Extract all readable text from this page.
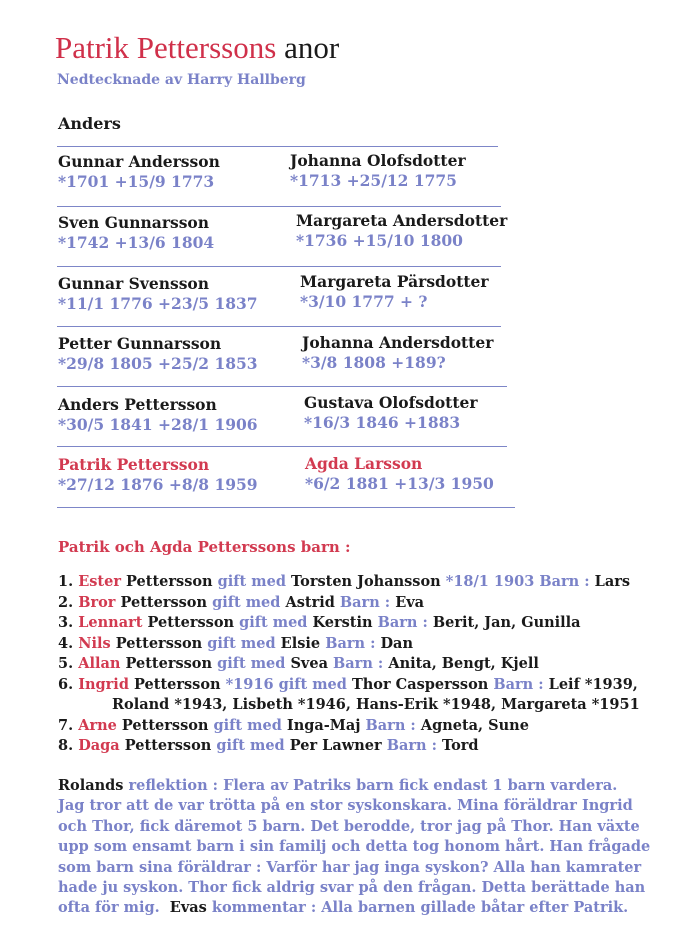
Patrik Petterssons anor
Nedtecknade av Harry Hallberg
Anders
Gunnar Andersson
*1701 +15/9 1773
Johanna Olofsdotter
*1713 +25/12 1775
Sven Gunnarsson
*1742 +13/6 1804
Margareta Andersdotter
*1736 +15/10 1800
Gunnar Svensson
*11/1 1776 +23/5 1837
Margareta Pärsdotter
*3/10 1777 + ?
Petter Gunnarsson
*29/8 1805 +25/2 1853
Johanna Andersdotter
*3/8 1808 +189?
Anders Pettersson
*30/5 1841 +28/1 1906
Gustava Olofsdotter
*16/3 1846 +1883
Patrik Pettersson
*27/12 1876 +8/8 1959
Agda Larsson
*6/2 1881 +13/3 1950
Patrik och Agda Petterssons barn :
1. Ester Pettersson gift med Torsten Johansson *18/1 1903 Barn : Lars
2. Bror Pettersson gift med Astrid Barn : Eva
3. Lennart Pettersson gift med Kerstin Barn : Berit, Jan, Gunilla
4. Nils Pettersson gift med Elsie Barn : Dan
5. Allan Pettersson gift med Svea Barn : Anita, Bengt, Kjell
6. Ingrid Pettersson *1916 gift med Thor Caspersson Barn : Leif *1939,
Roland *1943, Lisbeth *1946, Hans-Erik *1948, Margareta *1951
7. Arne Pettersson gift med Inga-Maj Barn : Agneta, Sune
8. Daga Pettersson gift med Per Lawner Barn : Tord
Rolands reflektion : Flera av Patriks barn fick endast 1 barn vardera.
Jag tror att de var trötta på en stor syskonskara. Mina föräldrar Ingrid
och Thor, fick däremot 5 barn. Det berodde, tror jag på Thor. Han växte
upp som ensamt barn i sin familj och detta tog honom hårt. Han frågade
som barn sina föräldrar : Varför har jag inga syskon? Alla han kamrater
hade ju syskon. Thor fick aldrig svar på den frågan. Detta berättade han
ofta för mig. Evas kommentar : Alla barnen gillade båtar efter Patrik.
